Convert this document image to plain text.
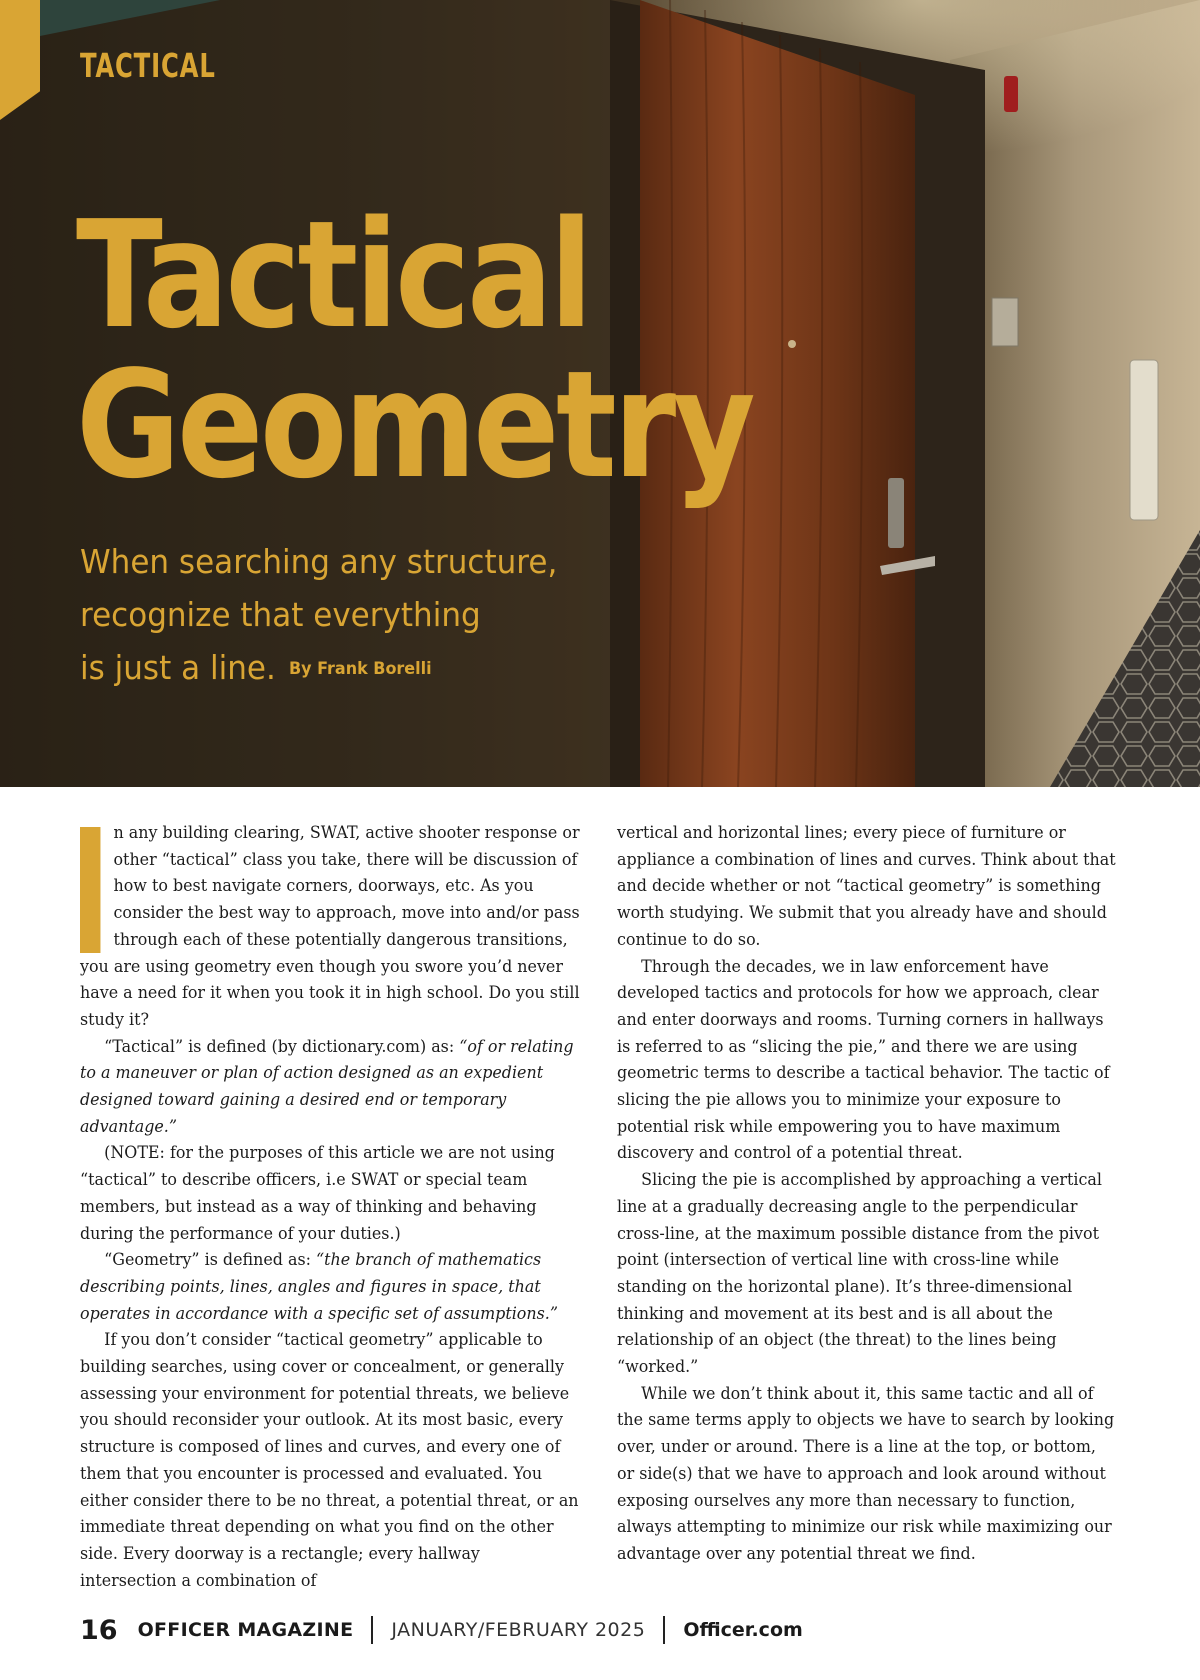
TACTICAL
Tactical
Geometry
When searching any structure,
recognize that everything
is just a line. By Frank Borelli

n any building clearing, SWAT, active shooter response or other “tactical” class you take, there will be discussion of how to best navigate corners, doorways, etc. As you consider the best way to approach, move into and/or pass through each of these potentially dangerous transitions, you are using geometry even though you swore you’d never have a need for it when you took it in high school. Do you still study it?

“Tactical” is defined (by dictionary.com) as: “of or relating to a maneuver or plan of action designed as an expedient designed toward gaining a desired end or temporary advantage.”

(NOTE: for the purposes of this article we are not using “tactical” to describe officers, i.e SWAT or special team members, but instead as a way of thinking and behaving during the performance of your duties.)

“Geometry” is defined as: “the branch of mathematics describing points, lines, angles and figures in space, that operates in accordance with a specific set of assumptions.”

If you don’t consider “tactical geometry” applicable to building searches, using cover or concealment, or generally assessing your environment for potential threats, we believe you should reconsider your outlook. At its most basic, every structure is composed of lines and curves, and every one of them that you encounter is processed and evaluated. You either consider there to be no threat, a potential threat, or an immediate threat depending on what you find on the other side. Every doorway is a rectangle; every hallway intersection a combination of

vertical and horizontal lines; every piece of furniture or appliance a combination of lines and curves. Think about that and decide whether or not “tactical geometry” is something worth studying. We submit that you already have and should continue to do so.

Through the decades, we in law enforcement have developed tactics and protocols for how we approach, clear and enter doorways and rooms. Turning corners in hallways is referred to as “slicing the pie,” and there we are using geometric terms to describe a tactical behavior. The tactic of slicing the pie allows you to minimize your exposure to potential risk while empowering you to have maximum discovery and control of a potential threat.

Slicing the pie is accomplished by approaching a vertical line at a gradually decreasing angle to the perpendicular cross-line, at the maximum possible distance from the pivot point (intersection of vertical line with cross-line while standing on the horizontal plane). It’s three-dimensional thinking and movement at its best and is all about the relationship of an object (the threat) to the lines being “worked.”

While we don’t think about it, this same tactic and all of the same terms apply to objects we have to search by looking over, under or around. There is a line at the top, or bottom, or side(s) that we have to approach and look around without exposing ourselves any more than necessary to function, always attempting to minimize our risk while maximizing our advantage over any potential threat we find.

16 OFFICER MAGAZINE JANUARY/FEBRUARY 2025 Officer.com
